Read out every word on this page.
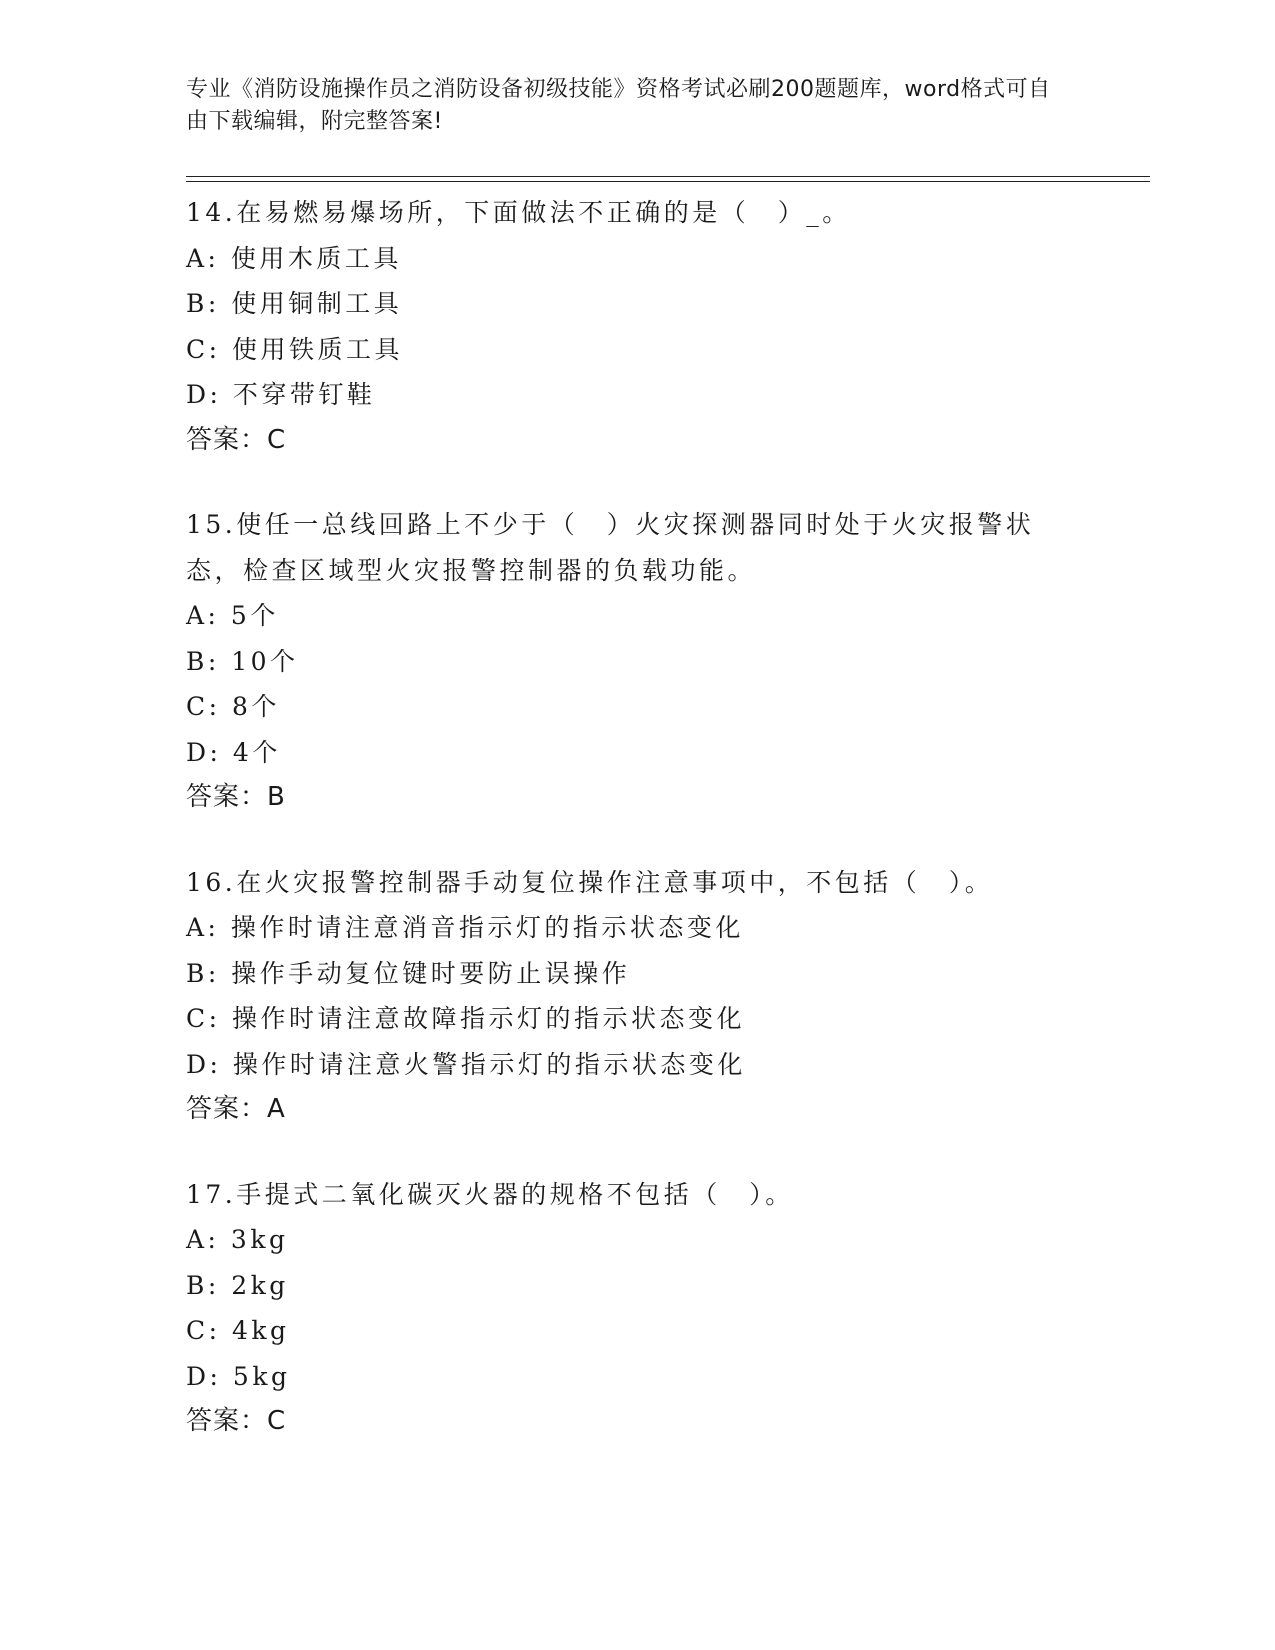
专业《消防设施操作员之消防设备初级技能》资格考试必刷200题题库，word格式可自由下载编辑，附完整答案!
14.在易燃易爆场所，下面做法不正确的是（　）_。
A: 使用木质工具
B: 使用铜制工具
C: 使用铁质工具
D: 不穿带钉鞋
答案：C
15.使任一总线回路上不少于（　）火灾探测器同时处于火灾报警状态，检查区域型火灾报警控制器的负载功能。
A: 5个
B: 10个
C: 8个
D: 4个
答案：B
16.在火灾报警控制器手动复位操作注意事项中，不包括（　）。
A: 操作时请注意消音指示灯的指示状态变化
B: 操作手动复位键时要防止误操作
C: 操作时请注意故障指示灯的指示状态变化
D: 操作时请注意火警指示灯的指示状态变化
答案：A
17.手提式二氧化碳灭火器的规格不包括（　）。
A: 3kg
B: 2kg
C: 4kg
D: 5kg
答案：C
